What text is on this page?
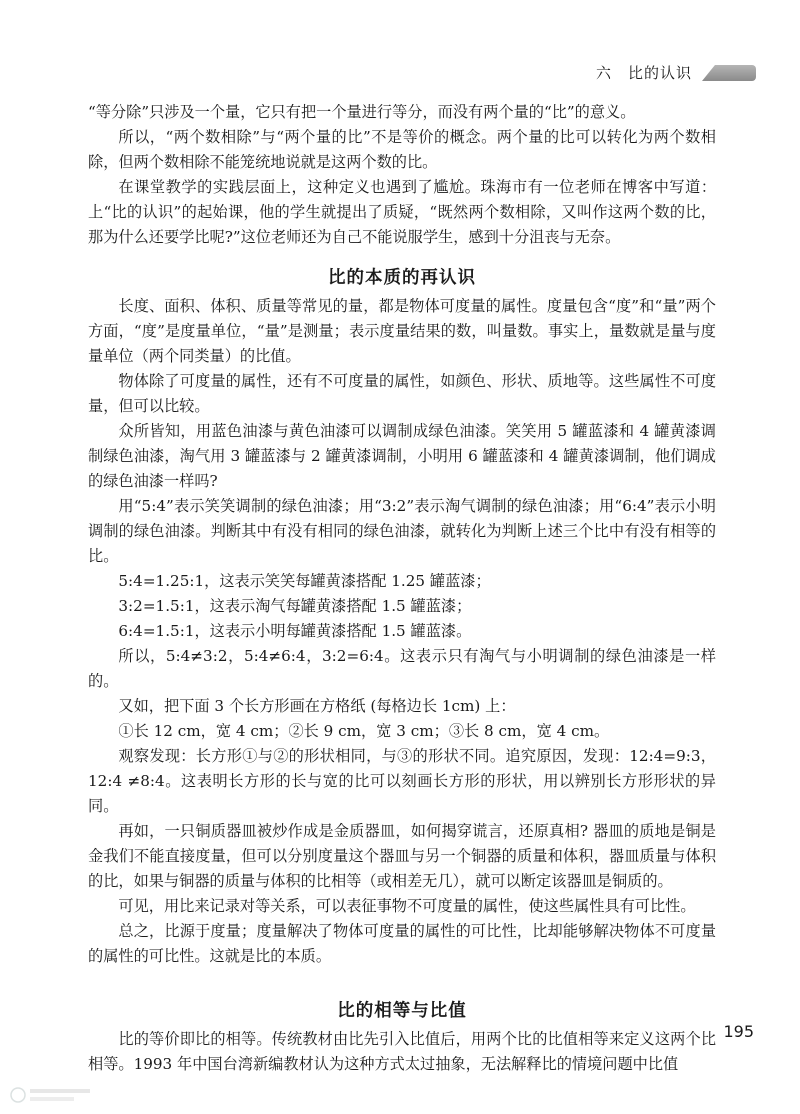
六　比的认识

“等分除”只涉及一个量，它只有把一个量进行等分，而没有两个量的“比”的意义。

所以，“两个数相除”与“两个量的比”不是等价的概念。两个量的比可以转化为两个数相除，但两个数相除不能笼统地说就是这两个数的比。

在课堂教学的实践层面上，这种定义也遇到了尴尬。珠海市有一位老师在博客中写道：上“比的认识”的起始课，他的学生就提出了质疑，“既然两个数相除，又叫作这两个数的比，那为什么还要学比呢?”这位老师还为自己不能说服学生，感到十分沮丧与无奈。

比的本质的再认识

长度、面积、体积、质量等常见的量，都是物体可度量的属性。度量包含“度”和“量”两个方面，“度”是度量单位，“量”是测量；表示度量结果的数，叫量数。事实上，量数就是量与度量单位（两个同类量）的比值。

物体除了可度量的属性，还有不可度量的属性，如颜色、形状、质地等。这些属性不可度量，但可以比较。

众所皆知，用蓝色油漆与黄色油漆可以调制成绿色油漆。笑笑用 5 罐蓝漆和 4 罐黄漆调制绿色油漆，淘气用 3 罐蓝漆与 2 罐黄漆调制，小明用 6 罐蓝漆和 4 罐黄漆调制，他们调成的绿色油漆一样吗?

用“5:4”表示笑笑调制的绿色油漆；用“3:2”表示淘气调制的绿色油漆；用“6:4”表示小明调制的绿色油漆。判断其中有没有相同的绿色油漆，就转化为判断上述三个比中有没有相等的比。

5:4=1.25:1，这表示笑笑每罐黄漆搭配 1.25 罐蓝漆；

3:2=1.5:1，这表示淘气每罐黄漆搭配 1.5 罐蓝漆；

6:4=1.5:1，这表示小明每罐黄漆搭配 1.5 罐蓝漆。

所以，5:4≠3:2，5:4≠6:4，3:2=6:4。这表示只有淘气与小明调制的绿色油漆是一样的。

又如，把下面 3 个长方形画在方格纸 (每格边长 1cm) 上：

①长 12 cm，宽 4 cm；②长 9 cm，宽 3 cm；③长 8 cm，宽 4 cm。

观察发现：长方形①与②的形状相同，与③的形状不同。追究原因，发现：12:4=9:3，12:4 ≠8:4。这表明长方形的长与宽的比可以刻画长方形的形状，用以辨别长方形形状的异同。

再如，一只铜质器皿被炒作成是金质器皿，如何揭穿谎言，还原真相? 器皿的质地是铜是金我们不能直接度量，但可以分别度量这个器皿与另一个铜器的质量和体积，器皿质量与体积的比，如果与铜器的质量与体积的比相等（或相差无几），就可以断定该器皿是铜质的。

可见，用比来记录对等关系，可以表征事物不可度量的属性，使这些属性具有可比性。

总之，比源于度量；度量解决了物体可度量的属性的可比性，比却能够解决物体不可度量的属性的可比性。这就是比的本质。

比的相等与比值

比的等价即比的相等。传统教材由比先引入比值后，用两个比的比值相等来定义这两个比相等。1993 年中国台湾新编教材认为这种方式太过抽象，无法解释比的情境问题中比值

195
